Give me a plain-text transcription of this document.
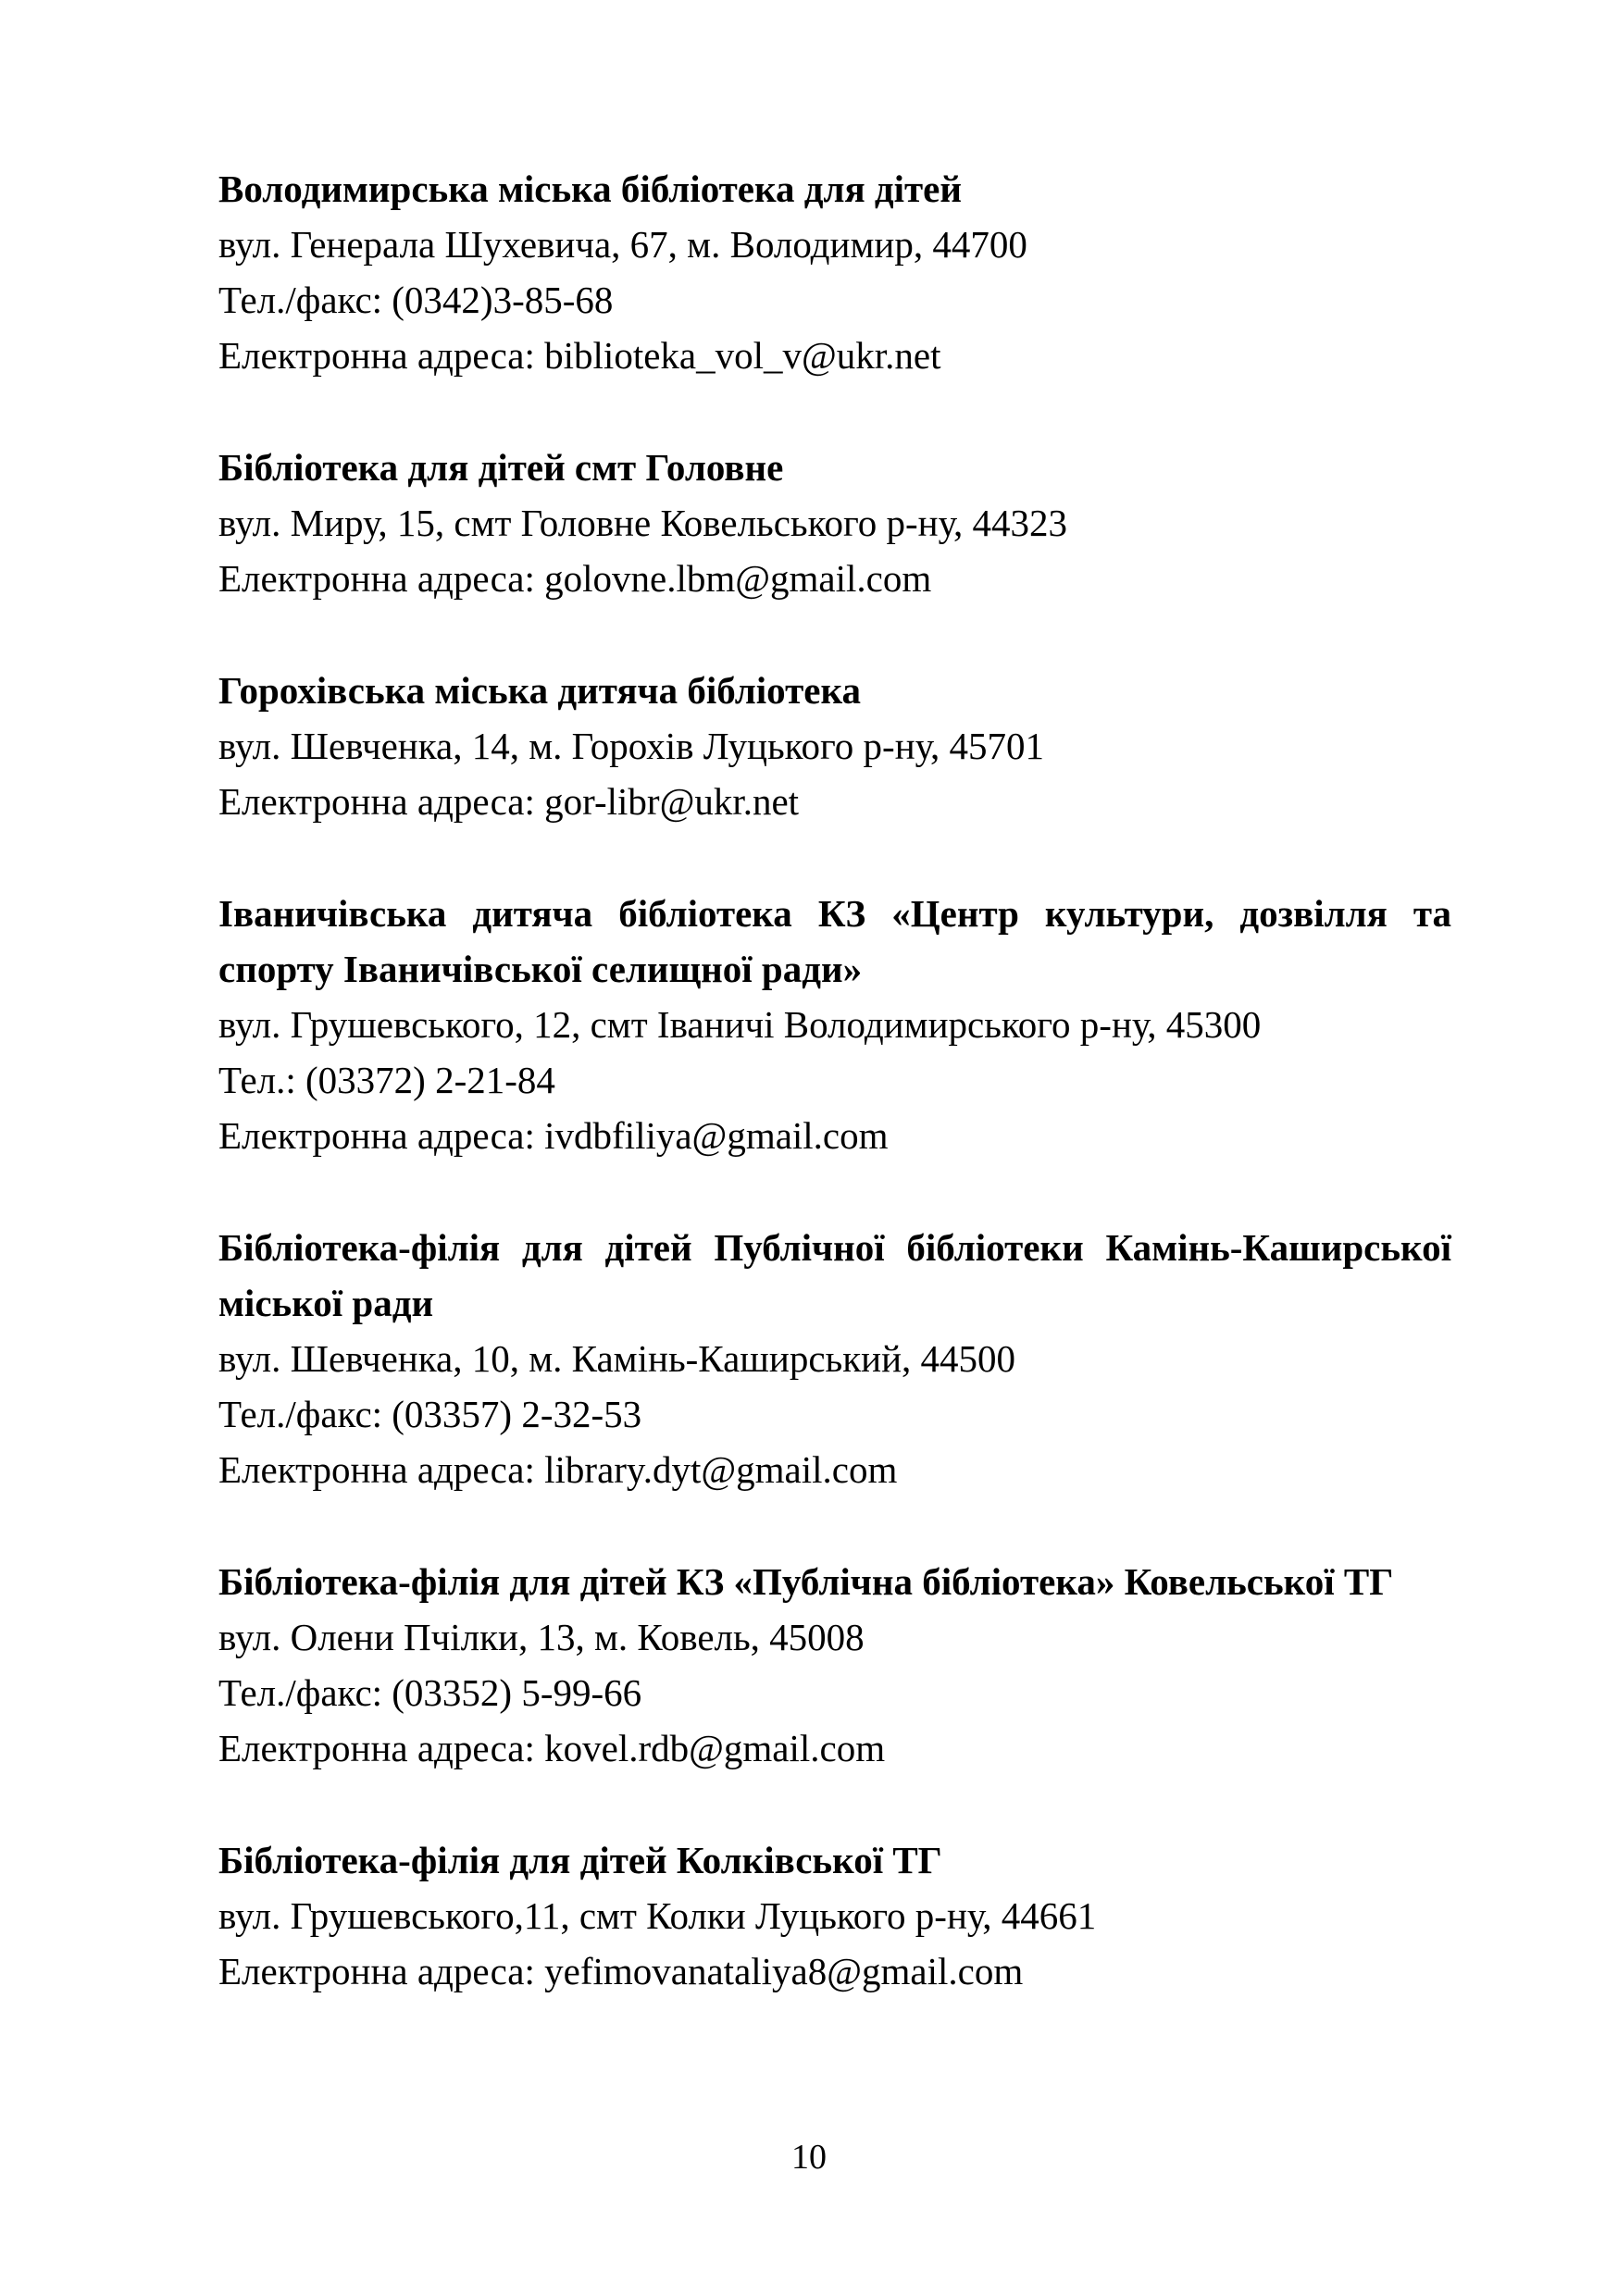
Володимирська міська бібліотека для дітей
вул. Генерала Шухевича, 67, м. Володимир, 44700
Тел./факс: (0342)3-85-68
Електронна адреса: biblioteka_vol_v@ukr.net
Бібліотека для дітей смт Головне
вул. Миру, 15, смт Головне Ковельського р-ну, 44323
Електронна адреса: golovne.lbm@gmail.com
Горохівська міська дитяча бібліотека
вул. Шевченка, 14, м. Горохів Луцького р-ну, 45701
Електронна адреса: gor-libr@ukr.net
Іваничівська дитяча бібліотека КЗ «Центр культури, дозвілля та спорту Іваничівської селищної ради»
вул. Грушевського, 12, смт Іваничі Володимирського р-ну, 45300
Тел.: (03372) 2-21-84
Електронна адреса: ivdbfiliya@gmail.com
Бібліотека-філія для дітей Публічної бібліотеки Камінь-Каширської міської ради
вул. Шевченка, 10, м. Камінь-Каширський, 44500
Тел./факс: (03357) 2-32-53
Електронна адреса: library.dyt@gmail.com
Бібліотека-філія для дітей КЗ «Публічна бібліотека» Ковельської ТГ
вул. Олени Пчілки, 13, м. Ковель, 45008
Тел./факс: (03352) 5-99-66
Електронна адреса: kovel.rdb@gmail.com
Бібліотека-філія для дітей Колківської ТГ
вул. Грушевського,11, смт Колки Луцького р-ну, 44661
Електронна адреса: yefimovanataliya8@gmail.com
10
